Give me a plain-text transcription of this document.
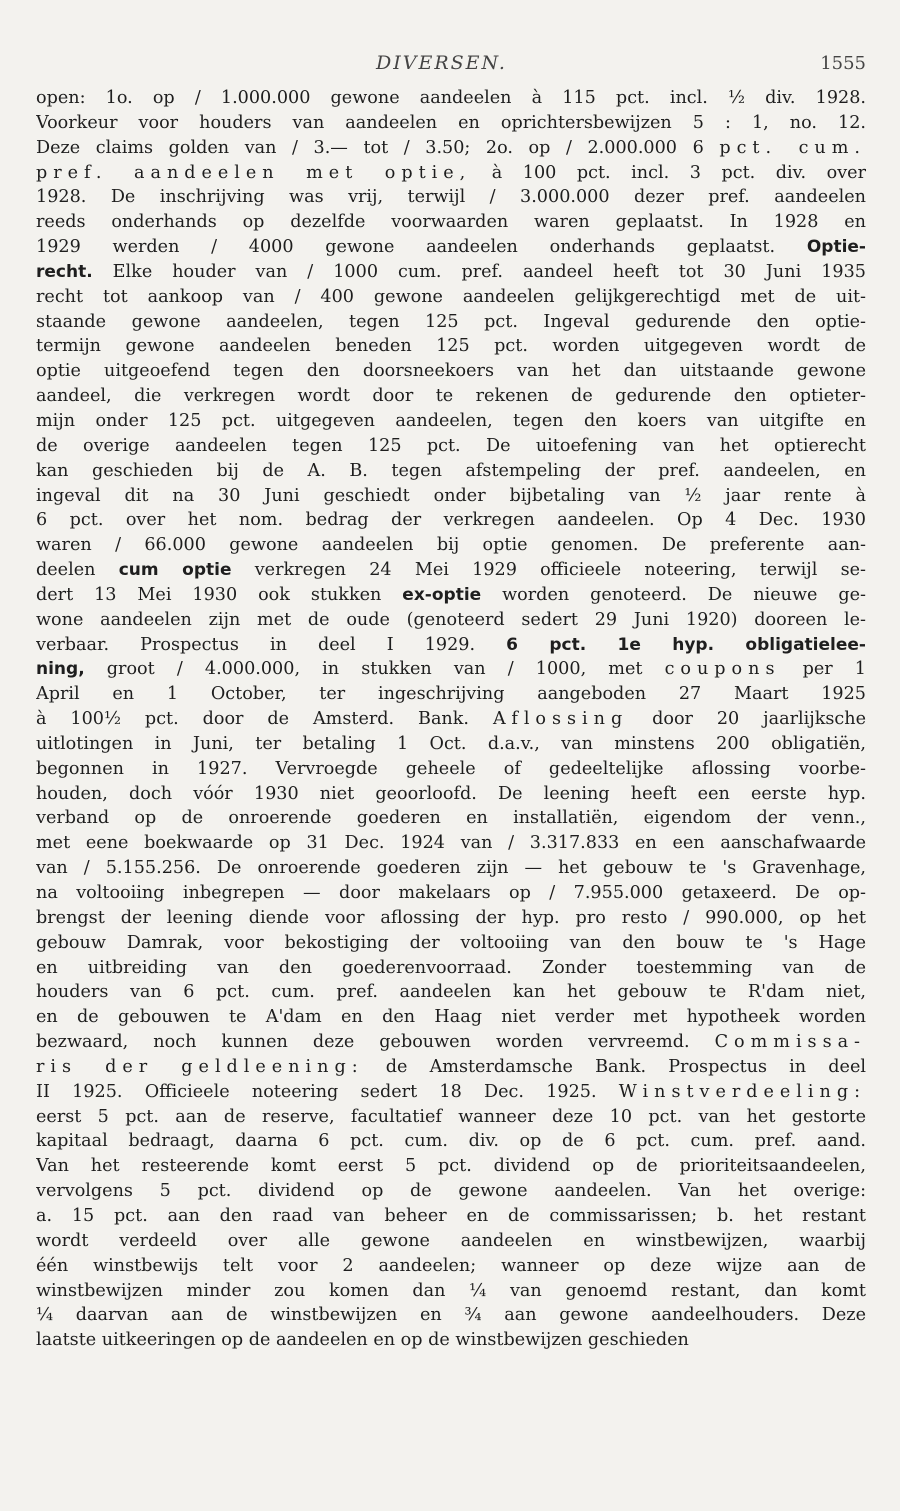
DIVERSEN.	1555
open: 1o. op / 1.000.000 gewone aandeelen à 115 pct. incl. ½ div. 1928.
Voorkeur voor houders van aandeelen en oprichtersbewijzen 5 : 1, no. 12.
Deze claims golden van / 3.— tot / 3.50; 2o. op / 2.000.000 6 pct. cum.
pref. aandeelen met optie, à 100 pct. incl. 3 pct. div. over
1928. De inschrijving was vrij, terwijl / 3.000.000 dezer pref. aandeelen
reeds onderhands op dezelfde voorwaarden waren geplaatst. In 1928 en
1929 werden / 4000 gewone aandeelen onderhands geplaatst. Optie-
recht. Elke houder van / 1000 cum. pref. aandeel heeft tot 30 Juni 1935
recht tot aankoop van / 400 gewone aandeelen gelijkgerechtigd met de uit-
staande gewone aandeelen, tegen 125 pct. Ingeval gedurende den optie-
termijn gewone aandeelen beneden 125 pct. worden uitgegeven wordt de
optie uitgeoefend tegen den doorsneekoers van het dan uitstaande gewone
aandeel, die verkregen wordt door te rekenen de gedurende den optieter-
mijn onder 125 pct. uitgegeven aandeelen, tegen den koers van uitgifte en
de overige aandeelen tegen 125 pct. De uitoefening van het optierecht
kan geschieden bij de A. B. tegen afstempeling der pref. aandeelen, en
ingeval dit na 30 Juni geschiedt onder bijbetaling van ½ jaar rente à
6 pct. over het nom. bedrag der verkregen aandeelen. Op 4 Dec. 1930
waren / 66.000 gewone aandeelen bij optie genomen. De preferente aan-
deelen cum optie verkregen 24 Mei 1929 officieele noteering, terwijl se-
dert 13 Mei 1930 ook stukken ex-optie worden genoteerd. De nieuwe ge-
wone aandeelen zijn met de oude (genoteerd sedert 29 Juni 1920) dooreen le-
verbaar. Prospectus in deel I 1929. 6 pct. 1e hyp. obligatielee-
ning, groot / 4.000.000, in stukken van / 1000, met coupons per 1
April en 1 October, ter ingeschrijving aangeboden 27 Maart 1925
à 100½ pct. door de Amsterd. Bank. Aflossing door 20 jaarlijksche
uitlotingen in Juni, ter betaling 1 Oct. d.a.v., van minstens 200 obligatiën,
begonnen in 1927. Vervroegde geheele of gedeeltelijke aflossing voorbe-
houden, doch vóór 1930 niet geoorloofd. De leening heeft een eerste hyp.
verband op de onroerende goederen en installatiën, eigendom der venn.,
met eene boekwaarde op 31 Dec. 1924 van / 3.317.833 en een aanschafwaarde
van / 5.155.256. De onroerende goederen zijn — het gebouw te 's Gravenhage,
na voltooiing inbegrepen — door makelaars op / 7.955.000 getaxeerd. De op-
brengst der leening diende voor aflossing der hyp. pro resto / 990.000, op het
gebouw Damrak, voor bekostiging der voltooiing van den bouw te 's Hage
en uitbreiding van den goederenvoorraad. Zonder toestemming van de
houders van 6 pct. cum. pref. aandeelen kan het gebouw te R'dam niet,
en de gebouwen te A'dam en den Haag niet verder met hypotheek worden
bezwaard, noch kunnen deze gebouwen worden vervreemd. Commissa-
ris der geldleening: de Amsterdamsche Bank. Prospectus in deel
II 1925. Officieele noteering sedert 18 Dec. 1925. Winstverdeeling:
eerst 5 pct. aan de reserve, facultatief wanneer deze 10 pct. van het gestorte
kapitaal bedraagt, daarna 6 pct. cum. div. op de 6 pct. cum. pref. aand.
Van het resteerende komt eerst 5 pct. dividend op de prioriteitsaandeelen,
vervolgens 5 pct. dividend op de gewone aandeelen. Van het overige:
a. 15 pct. aan den raad van beheer en de commissarissen; b. het restant
wordt verdeeld over alle gewone aandeelen en winstbewijzen, waarbij
één winstbewijs telt voor 2 aandeelen; wanneer op deze wijze aan de
winstbewijzen minder zou komen dan ¼ van genoemd restant, dan komt
¼ daarvan aan de winstbewijzen en ¾ aan gewone aandeelhouders. Deze
laatste uitkeeringen op de aandeelen en op de winstbewijzen geschieden
